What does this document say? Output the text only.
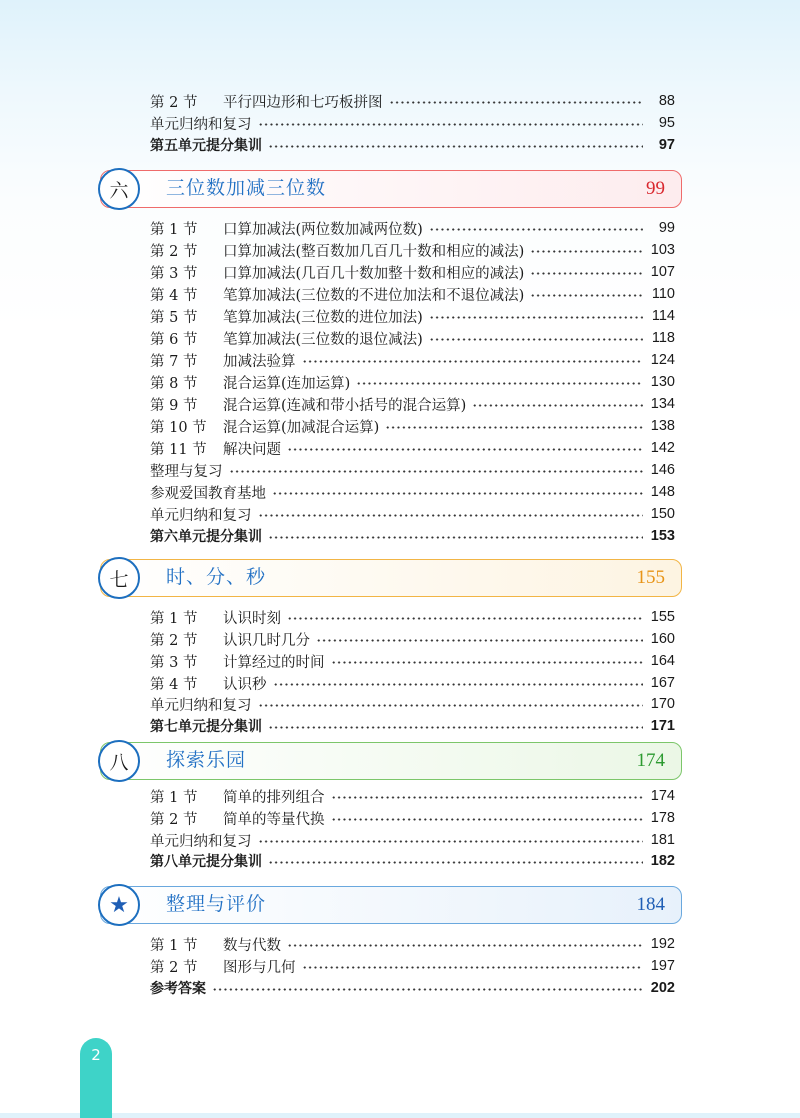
第 2 节	平行四边形和七巧板拼图	88
单元归纳和复习	95
第五单元提分集训	97
六 三位数加减三位数	99
第 1 节	口算加减法(两位数加减两位数)	99
第 2 节	口算加减法(整百数加几百几十数和相应的减法)	103
第 3 节	口算加减法(几百几十数加整十数和相应的减法)	107
第 4 节	笔算加减法(三位数的不进位加法和不退位减法)	110
第 5 节	笔算加减法(三位数的进位加法)	114
第 6 节	笔算加减法(三位数的退位减法)	118
第 7 节	加减法验算	124
第 8 节	混合运算(连加运算)	130
第 9 节	混合运算(连减和带小括号的混合运算)	134
第 10 节	混合运算(加减混合运算)	138
第 11 节	解决问题	142
整理与复习	146
参观爱国教育基地	148
单元归纳和复习	150
第六单元提分集训	153
七 时、分、秒	155
第 1 节	认识时刻	155
第 2 节	认识几时几分	160
第 3 节	计算经过的时间	164
第 4 节	认识秒	167
单元归纳和复习	170
第七单元提分集训	171
八 探索乐园	174
第 1 节	简单的排列组合	174
第 2 节	简单的等量代换	178
单元归纳和复习	181
第八单元提分集训	182
★ 整理与评价	184
第 1 节	数与代数	192
第 2 节	图形与几何	197
参考答案	202
2
